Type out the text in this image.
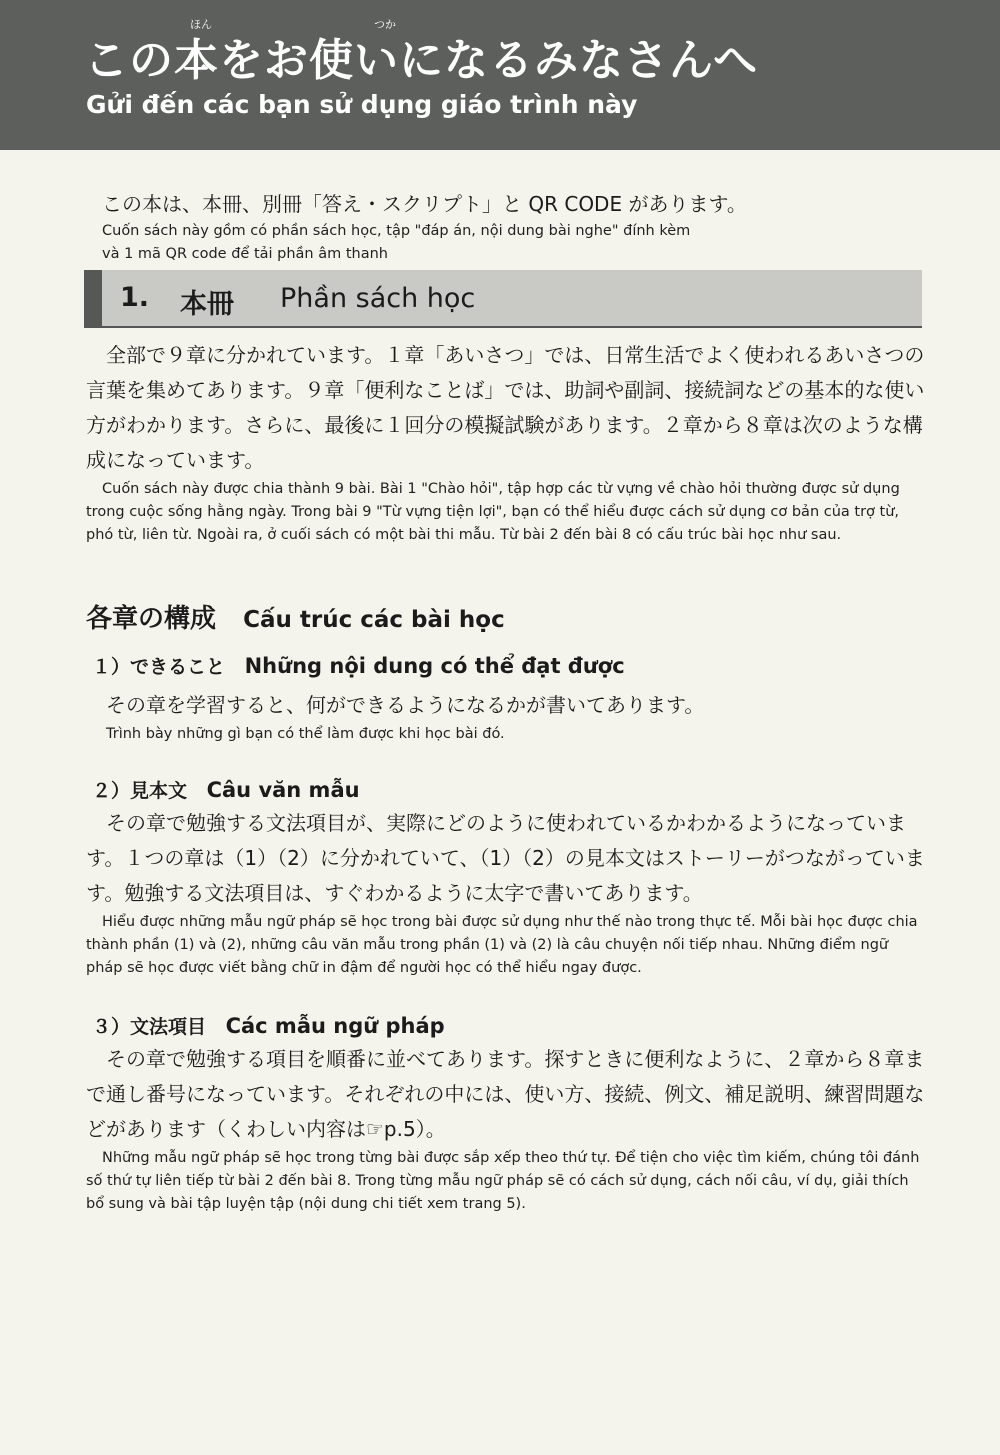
ほん	つか
この本をお使いになるみなさんへ
Gửi đến các bạn sử dụng giáo trình này

この本は、本冊、別冊「答え・スクリプト」と QR CODE があります。

Cuốn sách này gồm có phần sách học, tập "đáp án, nội dung bài nghe" đính kèm

và 1 mã QR code để tải phần âm thanh

1. 本冊 Phần sách học

全部で９章に分かれています。１章「あいさつ」では、日常生活でよく使われるあいさつの言葉を集めてあります。９章「便利なことば」では、助詞や副詞、接続詞などの基本的な使い方がわかります。さらに、最後に１回分の模擬試験があります。２章から８章は次のような構成になっています。

Cuốn sách này được chia thành 9 bài. Bài 1 "Chào hỏi", tập hợp các từ vựng về chào hỏi thường được sử dụng trong cuộc sống hằng ngày. Trong bài 9 "Từ vựng tiện lợi", bạn có thể hiểu được cách sử dụng cơ bản của trợ từ, phó từ, liên từ. Ngoài ra, ở cuối sách có một bài thi mẫu. Từ bài 2 đến bài 8 có cấu trúc bài học như sau.

各章の構成 Cấu trúc các bài học
１）できること Những nội dung có thể đạt được

その章を学習すると、何ができるようになるかが書いてあります。

Trình bày những gì bạn có thể làm được khi học bài đó.

２）見本文 Câu văn mẫu

その章で勉強する文法項目が、実際にどのように使われているかわかるようになっています。１つの章は（1）（2）に分かれていて、（1）（2）の見本文はストーリーがつながっています。勉強する文法項目は、すぐわかるように太字で書いてあります。

Hiểu được những mẫu ngữ pháp sẽ học trong bài được sử dụng như thế nào trong thực tế. Mỗi bài học được chia thành phần (1) và (2), những câu văn mẫu trong phần (1) và (2) là câu chuyện nối tiếp nhau. Những điểm ngữ pháp sẽ học được viết bằng chữ in đậm để người học có thể hiểu ngay được.

３）文法項目 Các mẫu ngữ pháp

その章で勉強する項目を順番に並べてあります。探すときに便利なように、２章から８章まで通し番号になっています。それぞれの中には、使い方、接続、例文、補足説明、練習問題などがあります（くわしい内容は☞p.5）。

Những mẫu ngữ pháp sẽ học trong từng bài được sắp xếp theo thứ tự. Để tiện cho việc tìm kiếm, chúng tôi đánh số thứ tự liên tiếp từ bài 2 đến bài 8. Trong từng mẫu ngữ pháp sẽ có cách sử dụng, cách nối câu, ví dụ, giải thích bổ sung và bài tập luyện tập (nội dung chi tiết xem trang 5).
